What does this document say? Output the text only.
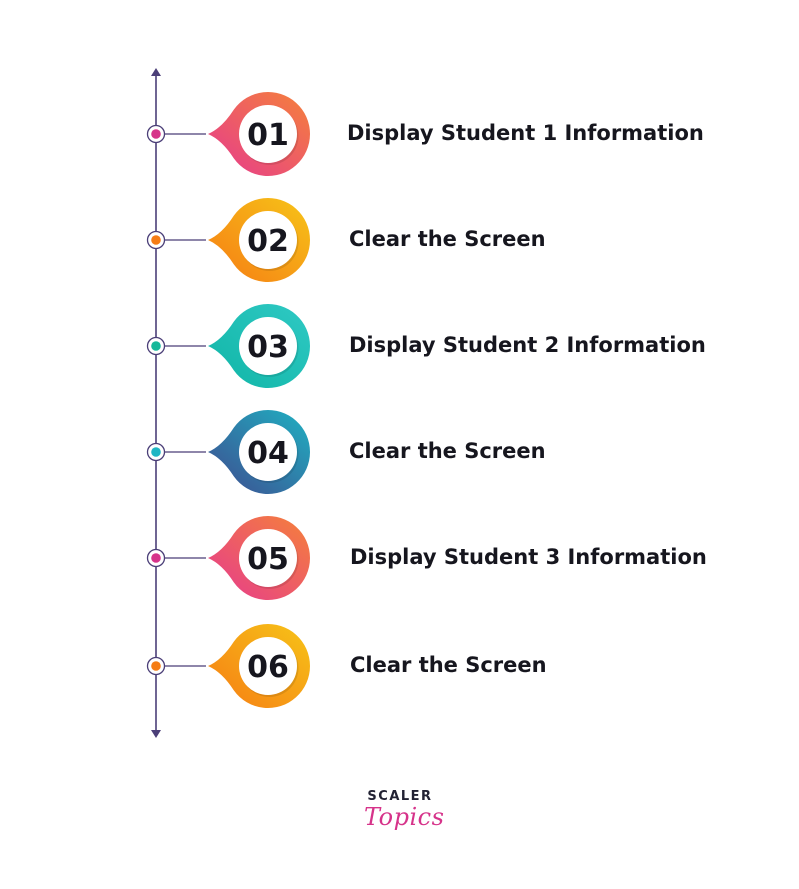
01
02
03
04
05
06
Display Student 1 Information
Clear the Screen
Display Student 2 Information
Clear the Screen
Display Student 3 Information
Clear the Screen
SCALER
Topics
